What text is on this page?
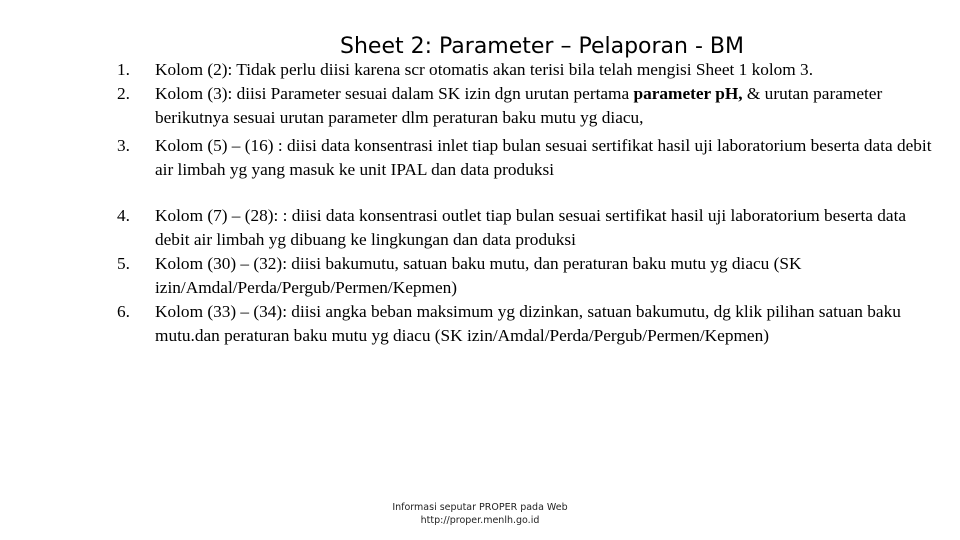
Sheet 2: Parameter – Pelaporan - BM
1. Kolom (2): Tidak perlu diisi karena scr otomatis akan terisi bila telah mengisi Sheet 1 kolom 3.
2. Kolom (3): diisi Parameter sesuai dalam SK izin dgn urutan pertama parameter pH, & urutan parameter berikutnya sesuai urutan parameter dlm peraturan baku mutu yg diacu,
3. Kolom (5) – (16) : diisi data konsentrasi inlet tiap bulan sesuai sertifikat hasil uji laboratorium beserta data debit air limbah yg yang masuk ke unit IPAL dan data produksi
4. Kolom (7) – (28): : diisi data konsentrasi outlet tiap bulan sesuai sertifikat hasil uji laboratorium beserta data debit air limbah yg dibuang ke lingkungan dan data produksi
5. Kolom (30) – (32): diisi bakumutu, satuan baku mutu, dan peraturan baku mutu yg diacu (SK izin/Amdal/Perda/Pergub/Permen/Kepmen)
6. Kolom (33) – (34): diisi angka beban maksimum yg dizinkan, satuan bakumutu, dg klik pilihan satuan baku mutu.dan peraturan baku mutu yg diacu (SK izin/Amdal/Perda/Pergub/Permen/Kepmen)
Informasi seputar PROPER pada Web
http://proper.menlh.go.id
